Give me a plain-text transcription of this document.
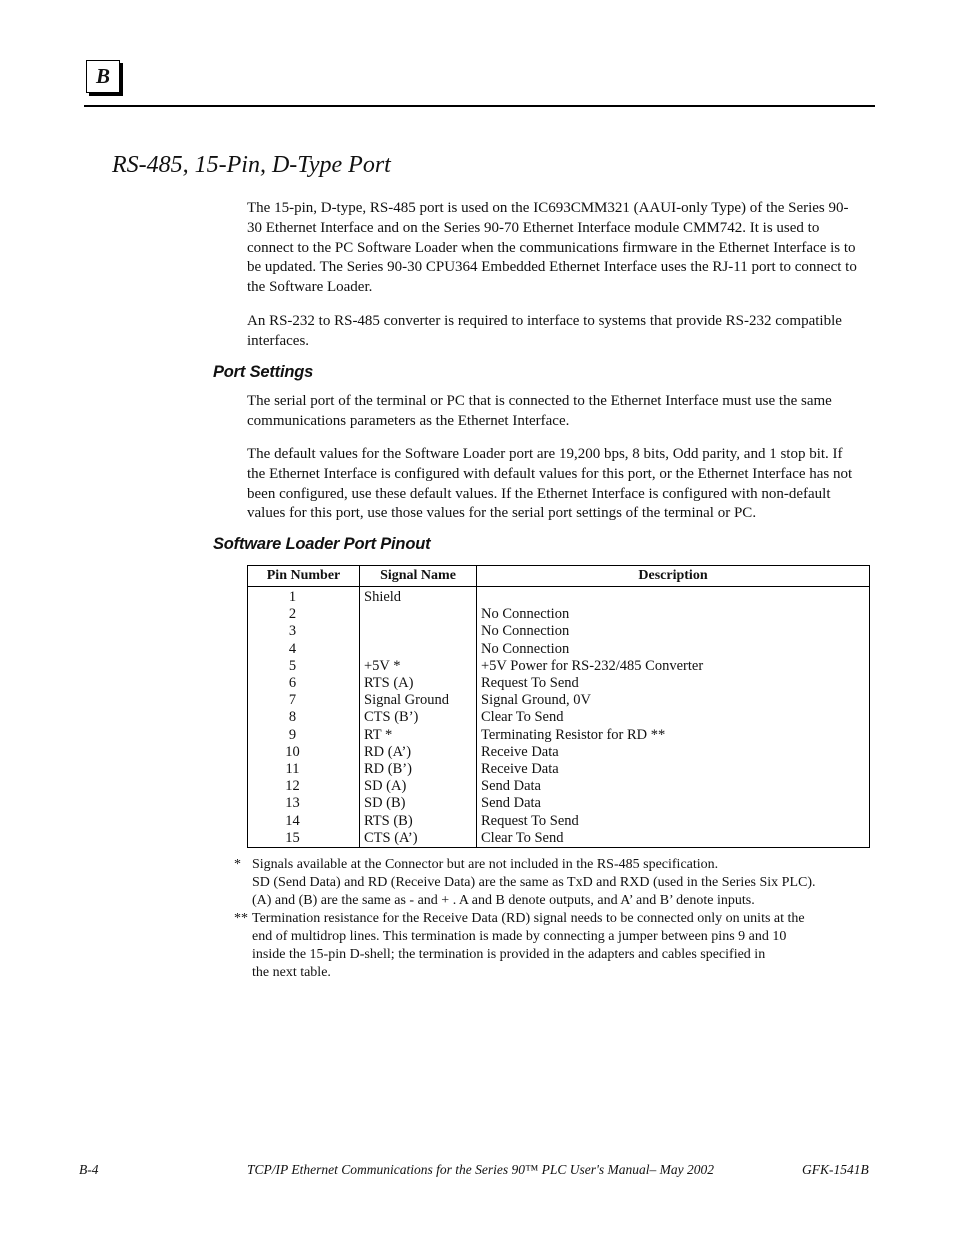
B
RS-485, 15-Pin, D-Type Port

The 15-pin, D-type, RS-485 port is used on the IC693CMM321 (AAUI-only Type) of the Series 90-30 Ethernet Interface and on the Series 90-70 Ethernet Interface module CMM742. It is used to connect to the PC Software Loader when the communications firmware in the Ethernet Interface is to be updated. The Series 90-30 CPU364 Embedded Ethernet Interface uses the RJ-11 port to connect to the Software Loader.

An RS-232 to RS-485 converter is required to interface to systems that provide RS-232 compatible interfaces.

Port Settings

The serial port of the terminal or PC that is connected to the Ethernet Interface must use the same communications parameters as the Ethernet Interface.

The default values for the Software Loader port are 19,200 bps, 8 bits, Odd parity, and 1 stop bit. If the Ethernet Interface is configured with default values for this port, or the Ethernet Interface has not been configured, use these default values. If the Ethernet Interface is configured with non-default values for this port, use those values for the serial port settings of the terminal or PC.

Software Loader Port Pinout
Pin Number	Signal Name	Description
1	Shield	
2		No Connection
3		No Connection
4		No Connection
5	+5V *	+5V Power for RS-232/485 Converter
6	RTS (A)	Request To Send
7	Signal Ground	Signal Ground, 0V
8	CTS (B’)	Clear To Send
9	RT *	Terminating Resistor for RD **
10	RD (A’)	Receive Data
11	RD (B’)	Receive Data
12	SD (A)	Send Data
13	SD (B)	Send Data
14	RTS (B)	Request To Send
15	CTS (A’)	Clear To Send
* Signals available at the Connector but are not included in the RS-485 specification.
SD (Send Data) and RD (Receive Data) are the same as TxD and RXD (used in the Series Six PLC).
(A) and (B) are the same as - and + . A and B denote outputs, and A’ and B’ denote inputs.
** Termination resistance for the Receive Data (RD) signal needs to be connected only on units at the
end of multidrop lines. This termination is made by connecting a jumper between pins 9 and 10
inside the 15-pin D-shell; the termination is provided in the adapters and cables specified in
the next table.
B-4	TCP/IP Ethernet Communications for the Series 90™ PLC User's Manual– May 2002	GFK-1541B
